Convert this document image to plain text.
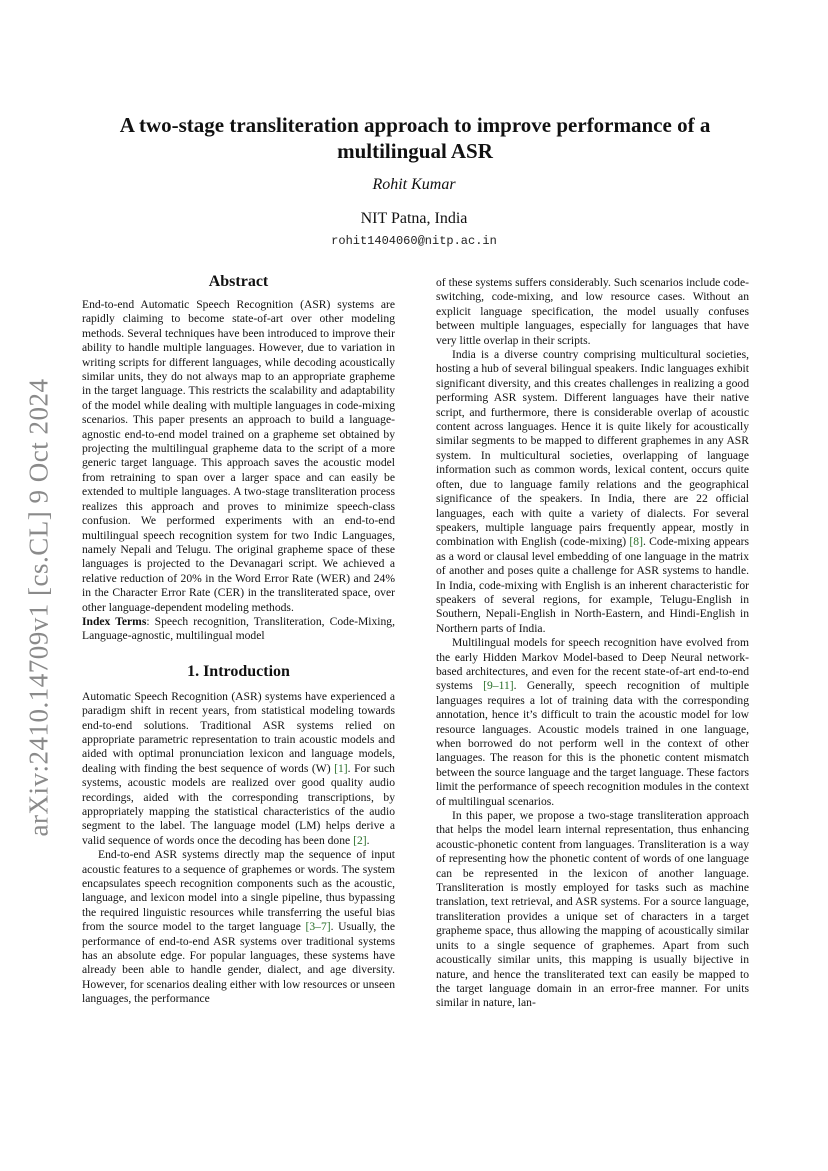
arXiv:2410.14709v1 [cs.CL] 9 Oct 2024
A two-stage transliteration approach to improve performance of a multilingual ASR
Rohit Kumar
NIT Patna, India
rohit1404060@nitp.ac.in
Abstract

End-to-end Automatic Speech Recognition (ASR) systems are rapidly claiming to become state-of-art over other modeling methods. Several techniques have been introduced to improve their ability to handle multiple languages. However, due to variation in writing scripts for different languages, while decoding acoustically similar units, they do not always map to an appropriate grapheme in the target language. This restricts the scalability and adaptability of the model while dealing with multiple languages in code-mixing scenarios. This paper presents an approach to build a language-agnostic end-to-end model trained on a grapheme set obtained by projecting the multilingual grapheme data to the script of a more generic target language. This approach saves the acoustic model from retraining to span over a larger space and can easily be extended to multiple languages. A two-stage transliteration process realizes this approach and proves to minimize speech-class confusion. We performed experiments with an end-to-end multilingual speech recognition system for two Indic Languages, namely Nepali and Telugu. The original grapheme space of these languages is projected to the Devanagari script. We achieved a relative reduction of 20% in the Word Error Rate (WER) and 24% in the Character Error Rate (CER) in the transliterated space, over other language-dependent modeling methods.

Index Terms: Speech recognition, Transliteration, Code-Mixing, Language-agnostic, multilingual model

1. Introduction

Automatic Speech Recognition (ASR) systems have experienced a paradigm shift in recent years, from statistical modeling towards end-to-end solutions. Traditional ASR systems relied on appropriate parametric representation to train acoustic models and aided with optimal pronunciation lexicon and language models, dealing with finding the best sequence of words (W) [1]. For such systems, acoustic models are realized over good quality audio recordings, aided with the corresponding transcriptions, by appropriately mapping the statistical characteristics of the audio segment to the label. The language model (LM) helps derive a valid sequence of words once the decoding has been done [2].

End-to-end ASR systems directly map the sequence of input acoustic features to a sequence of graphemes or words. The system encapsulates speech recognition components such as the acoustic, language, and lexicon model into a single pipeline, thus bypassing the required linguistic resources while transferring the useful bias from the source model to the target language [3–7]. Usually, the performance of end-to-end ASR systems over traditional systems has an absolute edge. For popular languages, these systems have already been able to handle gender, dialect, and age diversity. However, for scenarios dealing either with low resources or unseen languages, the performance

of these systems suffers considerably. Such scenarios include code-switching, code-mixing, and low resource cases. Without an explicit language specification, the model usually confuses between multiple languages, especially for languages that have very little overlap in their scripts.

India is a diverse country comprising multicultural societies, hosting a hub of several bilingual speakers. Indic languages exhibit significant diversity, and this creates challenges in realizing a good performing ASR system. Different languages have their native script, and furthermore, there is considerable overlap of acoustic content across languages. Hence it is quite likely for acoustically similar segments to be mapped to different graphemes in any ASR system. In multicultural societies, overlapping of language information such as common words, lexical content, occurs quite often, due to language family relations and the geographical significance of the speakers. In India, there are 22 official languages, each with quite a variety of dialects. For several speakers, multiple language pairs frequently appear, mostly in combination with English (code-mixing) [8]. Code-mixing appears as a word or clausal level embedding of one language in the matrix of another and poses quite a challenge for ASR systems to handle. In India, code-mixing with English is an inherent characteristic for speakers of several regions, for example, Telugu-English in Southern, Nepali-English in North-Eastern, and Hindi-English in Northern parts of India.

Multilingual models for speech recognition have evolved from the early Hidden Markov Model-based to Deep Neural network-based architectures, and even for the recent state-of-art end-to-end systems [9–11]. Generally, speech recognition of multiple languages requires a lot of training data with the corresponding annotation, hence it’s difficult to train the acoustic model for low resource languages. Acoustic models trained in one language, when borrowed do not perform well in the context of other languages. The reason for this is the phonetic content mismatch between the source language and the target language. These factors limit the performance of speech recognition modules in the context of multilingual scenarios.

In this paper, we propose a two-stage transliteration approach that helps the model learn internal representation, thus enhancing acoustic-phonetic content from languages. Transliteration is a way of representing how the phonetic content of words of one language can be represented in the lexicon of another language. Transliteration is mostly employed for tasks such as machine translation, text retrieval, and ASR systems. For a source language, transliteration provides a unique set of characters in a target grapheme space, thus allowing the mapping of acoustically similar units to a single sequence of graphemes. Apart from such acoustically similar units, this mapping is usually bijective in nature, and hence the transliterated text can easily be mapped to the target language domain in an error-free manner. For units similar in nature, lan-
